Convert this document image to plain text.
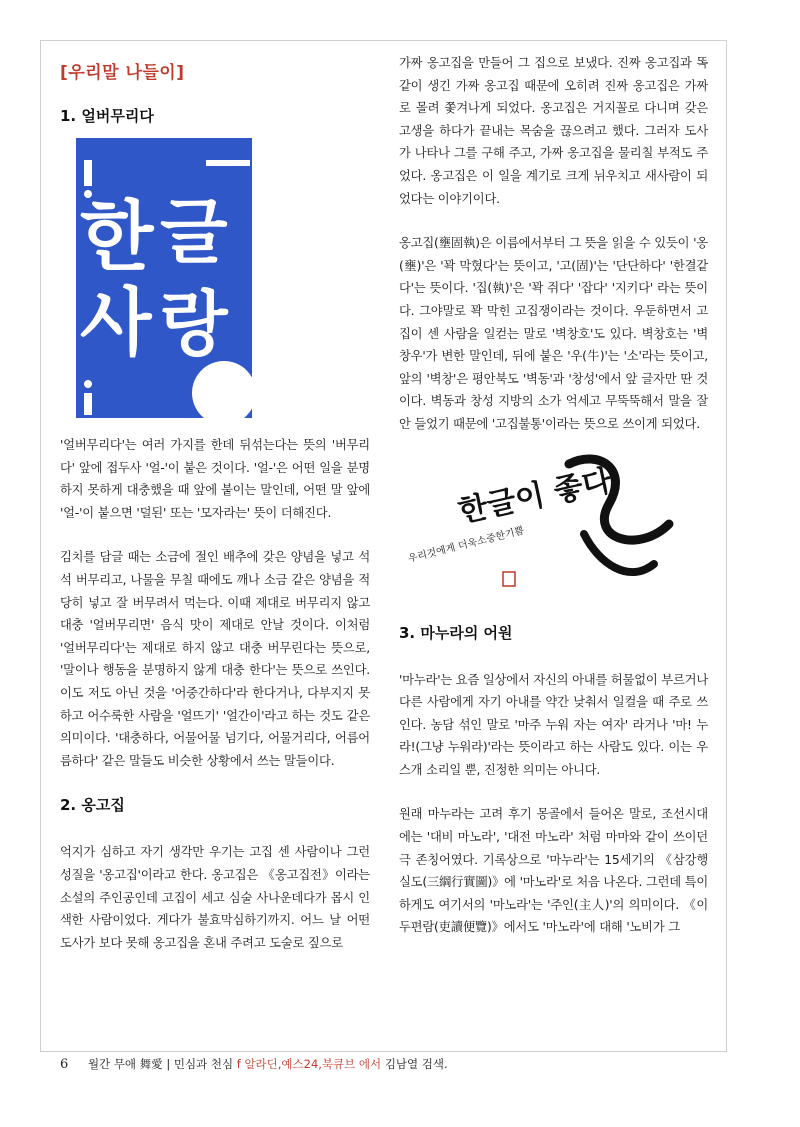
[우리말 나들이]
1. 얼버무리다
한 글
사 랑

'얼버무리다'는 여러 가지를 한데 뒤섞는다는 뜻의 '버무리다' 앞에 접두사 '얼-'이 붙은 것이다. '얼-'은 어떤 일을 분명하지 못하게 대충했을 때 앞에 붙이는 말인데, 어떤 말 앞에 '얼-'이 붙으면 '덜된' 또는 '모자라는' 뜻이 더해진다.

김치를 담글 때는 소금에 절인 배추에 갖은 양념을 넣고 석석 버무리고, 나물을 무칠 때에도 깨나 소금 같은 양념을 적당히 넣고 잘 버무려서 먹는다. 이때 제대로 버무리지 않고 대충 '얼버무리면' 음식 맛이 제대로 안날 것이다. 이처럼 '얼버무리다'는 제대로 하지 않고 대충 버무린다는 뜻으로, '말이나 행동을 분명하지 않게 대충 한다'는 뜻으로 쓰인다. 이도 저도 아닌 것을 '어중간하다'라 한다거나, 다부지지 못하고 어수룩한 사람을 '얼뜨기' '얼간이'라고 하는 것도 같은 의미이다. '대충하다, 어물어물 넘기다, 어물거리다, 어름어름하다' 같은 말들도 비슷한 상황에서 쓰는 말들이다.

2. 옹고집

억지가 심하고 자기 생각만 우기는 고집 센 사람이나 그런 성질을 '옹고집'이라고 한다. 옹고집은 《옹고집전》이라는 소설의 주인공인데 고집이 세고 심술 사나운데다가 몹시 인색한 사람이었다. 게다가 불효막심하기까지. 어느 날 어떤 도사가 보다 못해 옹고집을 혼내 주려고 도술로 짚으로

가짜 옹고집을 만들어 그 집으로 보냈다. 진짜 옹고집과 똑같이 생긴 가짜 옹고집 때문에 오히려 진짜 옹고집은 가짜로 몰려 쫓겨나게 되었다. 옹고집은 거지꼴로 다니며 갖은 고생을 하다가 끝내는 목숨을 끊으려고 했다. 그러자 도사가 나타나 그를 구해 주고, 가짜 옹고집을 물리칠 부적도 주었다. 옹고집은 이 일을 계기로 크게 뉘우치고 새사람이 되었다는 이야기이다.

옹고집(壅固執)은 이름에서부터 그 뜻을 읽을 수 있듯이 '옹(壅)'은 '꽉 막혔다'는 뜻이고, '고(固)'는 '단단하다' '한결같다'는 뜻이다. '집(執)'은 '꽉 쥐다' '잡다' '지키다' 라는 뜻이다. 그야말로 꽉 막힌 고집쟁이라는 것이다. 우둔하면서 고집이 센 사람을 일컫는 말로 '벽창호'도 있다. 벽창호는 '벽창우'가 변한 말인데, 뒤에 붙은 '우(牛)'는 '소'라는 뜻이고, 앞의 '벽창'은 평안북도 '벽동'과 '창성'에서 앞 글자만 딴 것이다. 벽동과 창성 지방의 소가 억세고 무뚝뚝해서 말을 잘 안 들었기 때문에 '고집불통'이라는 뜻으로 쓰이게 되었다.

한글이 좋다
우리것에게 더욱소중한기쁨
3. 마누라의 어원

'마누라'는 요즘 일상에서 자신의 아내를 허물없이 부르거나 다른 사람에게 자기 아내를 약간 낮춰서 일컬을 때 주로 쓰인다. 농담 섞인 말로 '마주 누워 자는 여자' 라거나 '마! 누라!(그냥 누워라)'라는 뜻이라고 하는 사람도 있다. 이는 우스개 소리일 뿐, 진정한 의미는 아니다.

원래 마누라는 고려 후기 몽골에서 들어온 말로, 조선시대에는 '대비 마노라', '대전 마노라' 처럼 마마와 같이 쓰이던 극 존칭어였다. 기록상으로 '마누라'는 15세기의 《삼강행실도(三綱行實圖)》에 '마노라'로 처음 나온다. 그런데 특이하게도 여기서의 '마노라'는 '주인(主人)'의 의미이다. 《이두편람(吏讀便覽)》에서도 '마노라'에 대해 '노비가 그

6 월간 무애 舞愛 | 민심과 천심 f 알라딘,예스24,북큐브 에서 김남열 검색.
